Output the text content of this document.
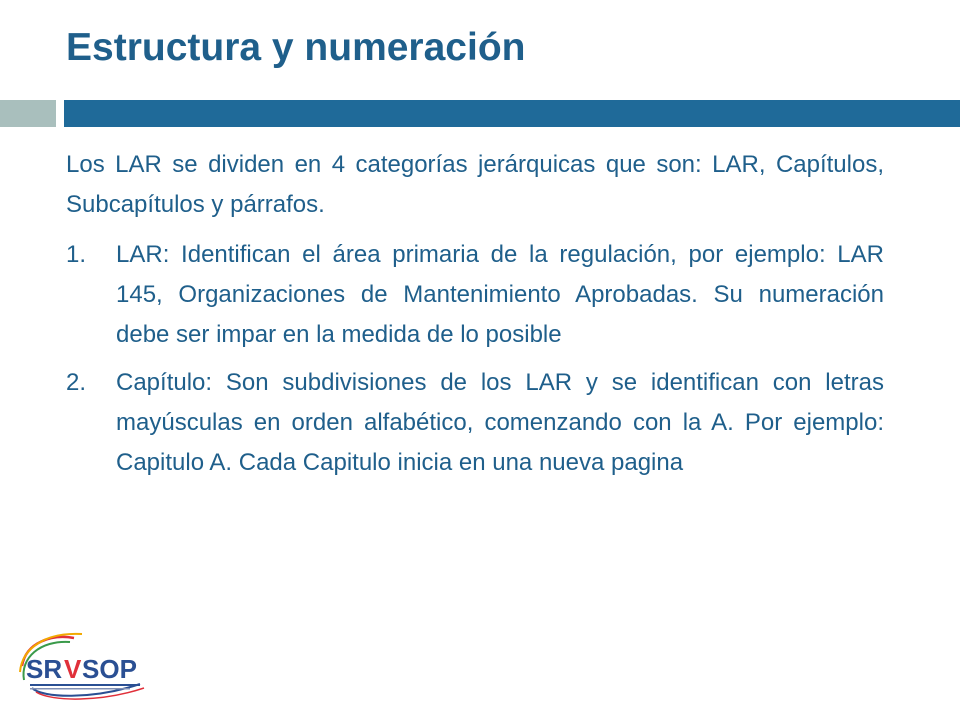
Estructura y numeración

Los LAR se dividen en 4 categorías jerárquicas que son: LAR, Capítulos, Subcapítulos y párrafos.

1.	LAR: Identifican el área primaria de la regulación, por ejemplo: LAR 145, Organizaciones de Mantenimiento Aprobadas. Su numeración debe ser impar en la medida de lo posible
2.	Capítulo: Son subdivisiones de los LAR y se identifican con letras mayúsculas en orden alfabético, comenzando con la A. Por ejemplo: Capitulo A. Cada Capitulo inicia en una nueva pagina
SR V SOP
